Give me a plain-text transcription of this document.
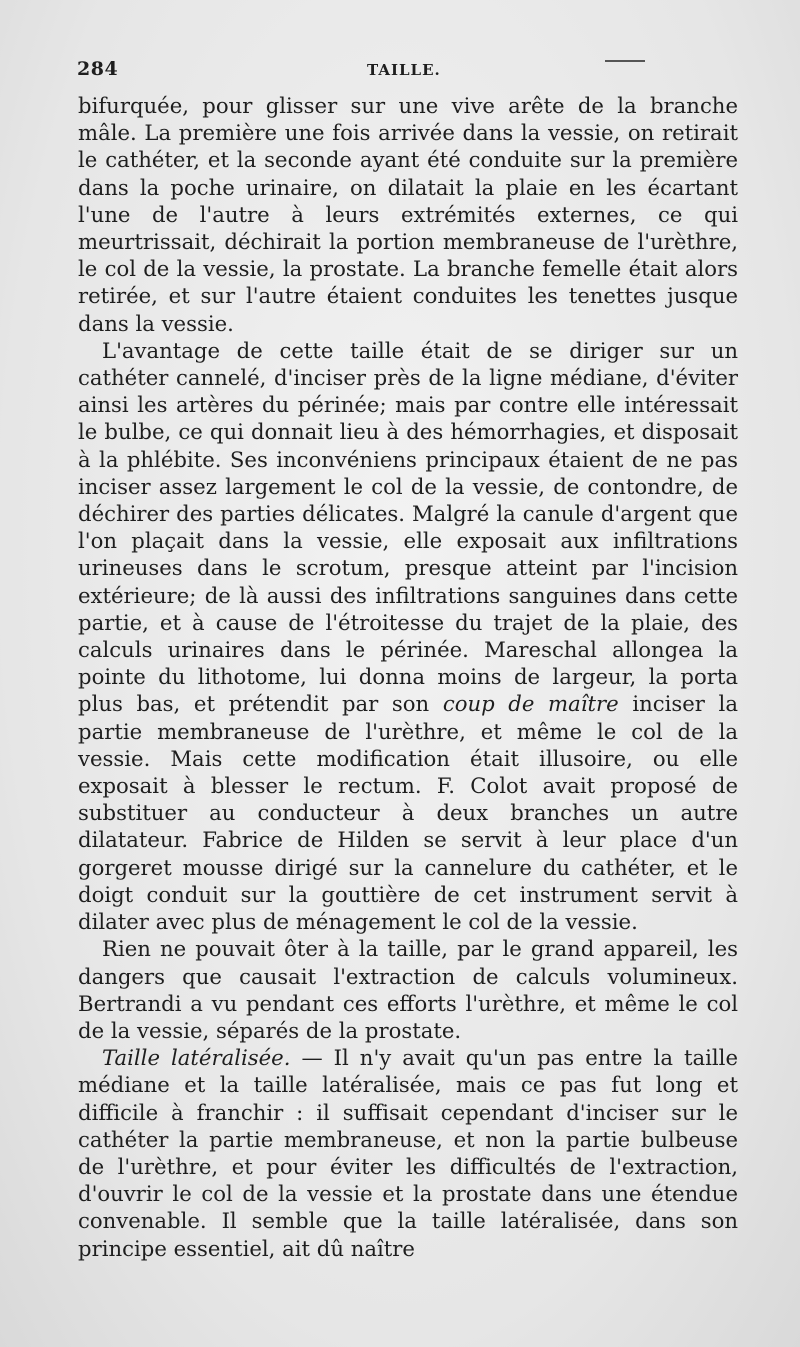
284	TAILLE.

bifurquée, pour glisser sur une vive arête de la branche mâle. La première une fois arrivée dans la vessie, on retirait le cathéter, et la seconde ayant été conduite sur la première dans la poche urinaire, on dilatait la plaie en les écartant l'une de l'autre à leurs extrémités externes, ce qui meurtrissait, déchirait la portion membraneuse de l'urèthre, le col de la vessie, la prostate. La branche femelle était alors retirée, et sur l'autre étaient conduites les tenettes jusque dans la vessie.

L'avantage de cette taille était de se diriger sur un cathéter cannelé, d'inciser près de la ligne médiane, d'éviter ainsi les artères du périnée; mais par contre elle intéressait le bulbe, ce qui donnait lieu à des hémorrhagies, et disposait à la phlébite. Ses inconvéniens principaux étaient de ne pas inciser assez largement le col de la vessie, de contondre, de déchirer des parties délicates. Malgré la canule d'argent que l'on plaçait dans la vessie, elle exposait aux infiltrations urineuses dans le scrotum, presque atteint par l'incision extérieure; de là aussi des infiltrations sanguines dans cette partie, et à cause de l'étroitesse du trajet de la plaie, des calculs urinaires dans le périnée. Mareschal allongea la pointe du lithotome, lui donna moins de largeur, la porta plus bas, et prétendit par son coup de maître inciser la partie membraneuse de l'urèthre, et même le col de la vessie. Mais cette modification était illusoire, ou elle exposait à blesser le rectum. F. Colot avait proposé de substituer au conducteur à deux branches un autre dilatateur. Fabrice de Hilden se servit à leur place d'un gorgeret mousse dirigé sur la cannelure du cathéter, et le doigt conduit sur la gouttière de cet instrument servit à dilater avec plus de ménagement le col de la vessie.

Rien ne pouvait ôter à la taille, par le grand appareil, les dangers que causait l'extraction de calculs volumineux. Bertrandi a vu pendant ces efforts l'urèthre, et même le col de la vessie, séparés de la prostate.

Taille latéralisée. — Il n'y avait qu'un pas entre la taille médiane et la taille latéralisée, mais ce pas fut long et difficile à franchir : il suffisait cependant d'inciser sur le cathéter la partie membraneuse, et non la partie bulbeuse de l'urèthre, et pour éviter les difficultés de l'extraction, d'ouvrir le col de la vessie et la prostate dans une étendue convenable. Il semble que la taille latéralisée, dans son principe essentiel, ait dû naître
